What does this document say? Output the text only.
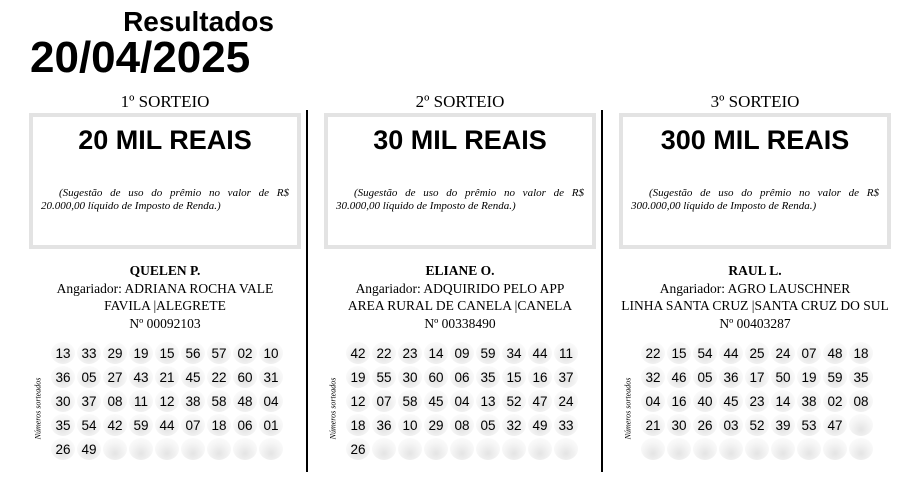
Resultados
20/04/2025
1º SORTEIO
20 MIL REAIS
(Sugestão de uso do prêmio no valor de R$ 20.000,00 líquido de Imposto de Renda.)
QUELEN P.
Angariador: ADRIANA ROCHA VALE
FAVILA |ALEGRETE
Nº 00092103
Números sorteados
13 33 29 19 15 56 57 02 10
36 05 27 43 21 45 22 60 31
30 37 08 11 12 38 58 48 04
35 54 42 59 44 07 18 06 01
26 49
2º SORTEIO
30 MIL REAIS
(Sugestão de uso do prêmio no valor de R$ 30.000,00 líquido de Imposto de Renda.)
ELIANE O.
Angariador: ADQUIRIDO PELO APP
AREA RURAL DE CANELA |CANELA
Nº 00338490
Números sorteados
42 22 23 14 09 59 34 44 11
19 55 30 60 06 35 15 16 37
12 07 58 45 04 13 52 47 24
18 36 10 29 08 05 32 49 33
26
3º SORTEIO
300 MIL REAIS
(Sugestão de uso do prêmio no valor de R$ 300.000,00 líquido de Imposto de Renda.)
RAUL L.
Angariador: AGRO LAUSCHNER
LINHA SANTA CRUZ |SANTA CRUZ DO SUL
Nº 00403287
Números sorteados
22 15 54 44 25 24 07 48 18
32 46 05 36 17 50 19 59 35
04 16 40 45 23 14 38 02 08
21 30 26 03 52 39 53 47
